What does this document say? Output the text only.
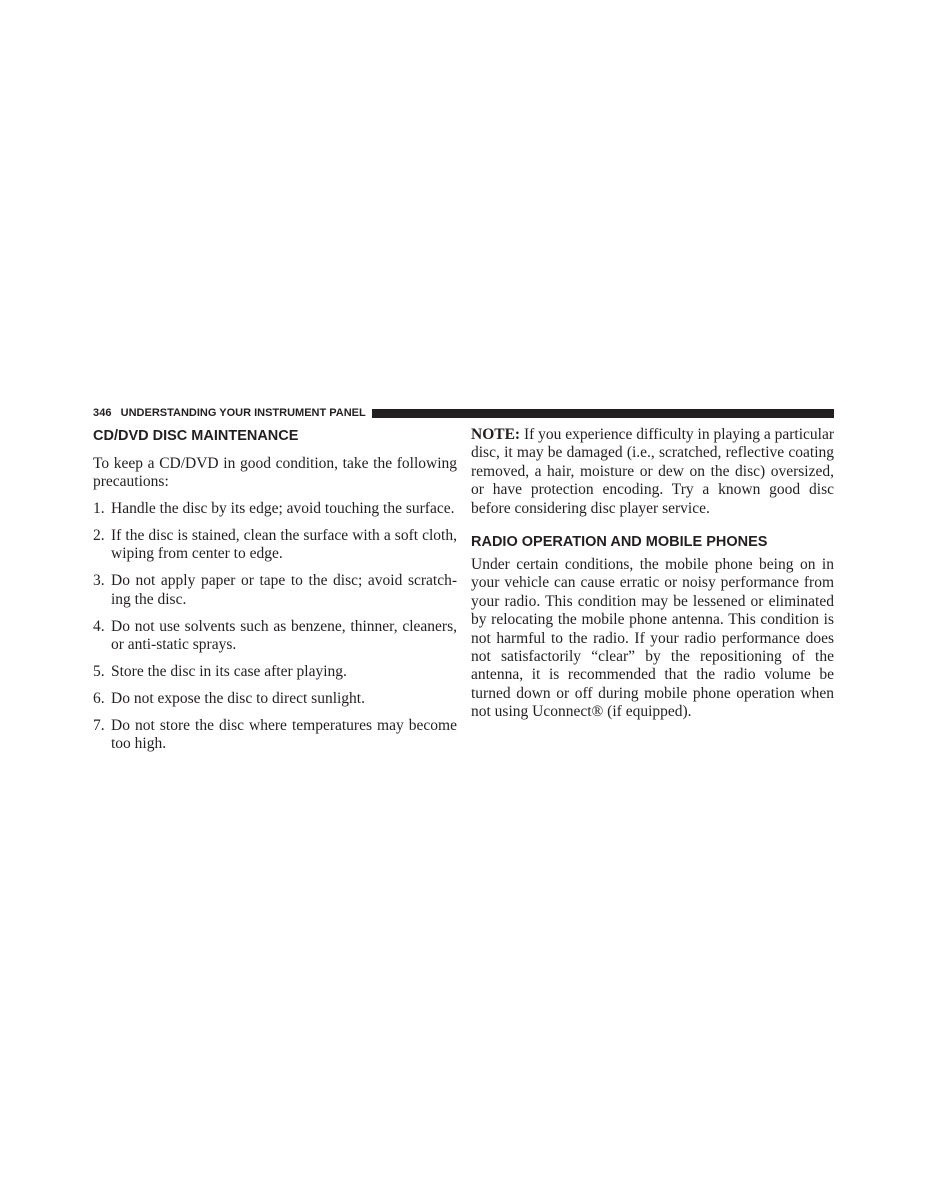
346 UNDERSTANDING YOUR INSTRUMENT PANEL
CD/DVD DISC MAINTENANCE

To keep a CD/DVD in good condition, take the following precautions:

1. Handle the disc by its edge; avoid touching the surface.
2. If the disc is stained, clean the surface with a soft cloth, wiping from center to edge.
3. Do not apply paper or tape to the disc; avoid scratch-ing the disc.
4. Do not use solvents such as benzene, thinner, cleaners, or anti-static sprays.
5. Store the disc in its case after playing.
6. Do not expose the disc to direct sunlight.
7. Do not store the disc where temperatures may become too high.

NOTE: If you experience difficulty in playing a particular disc, it may be damaged (i.e., scratched, reflective coating removed, a hair, moisture or dew on the disc) oversized, or have protection encoding. Try a known good disc before considering disc player service.

RADIO OPERATION AND MOBILE PHONES

Under certain conditions, the mobile phone being on in your vehicle can cause erratic or noisy performance from your radio. This condition may be lessened or eliminated by relocating the mobile phone antenna. This condition is not harmful to the radio. If your radio performance does not satisfactorily “clear” by the repositioning of the antenna, it is recommended that the radio volume be turned down or off during mobile phone operation when not using Uconnect® (if equipped).
